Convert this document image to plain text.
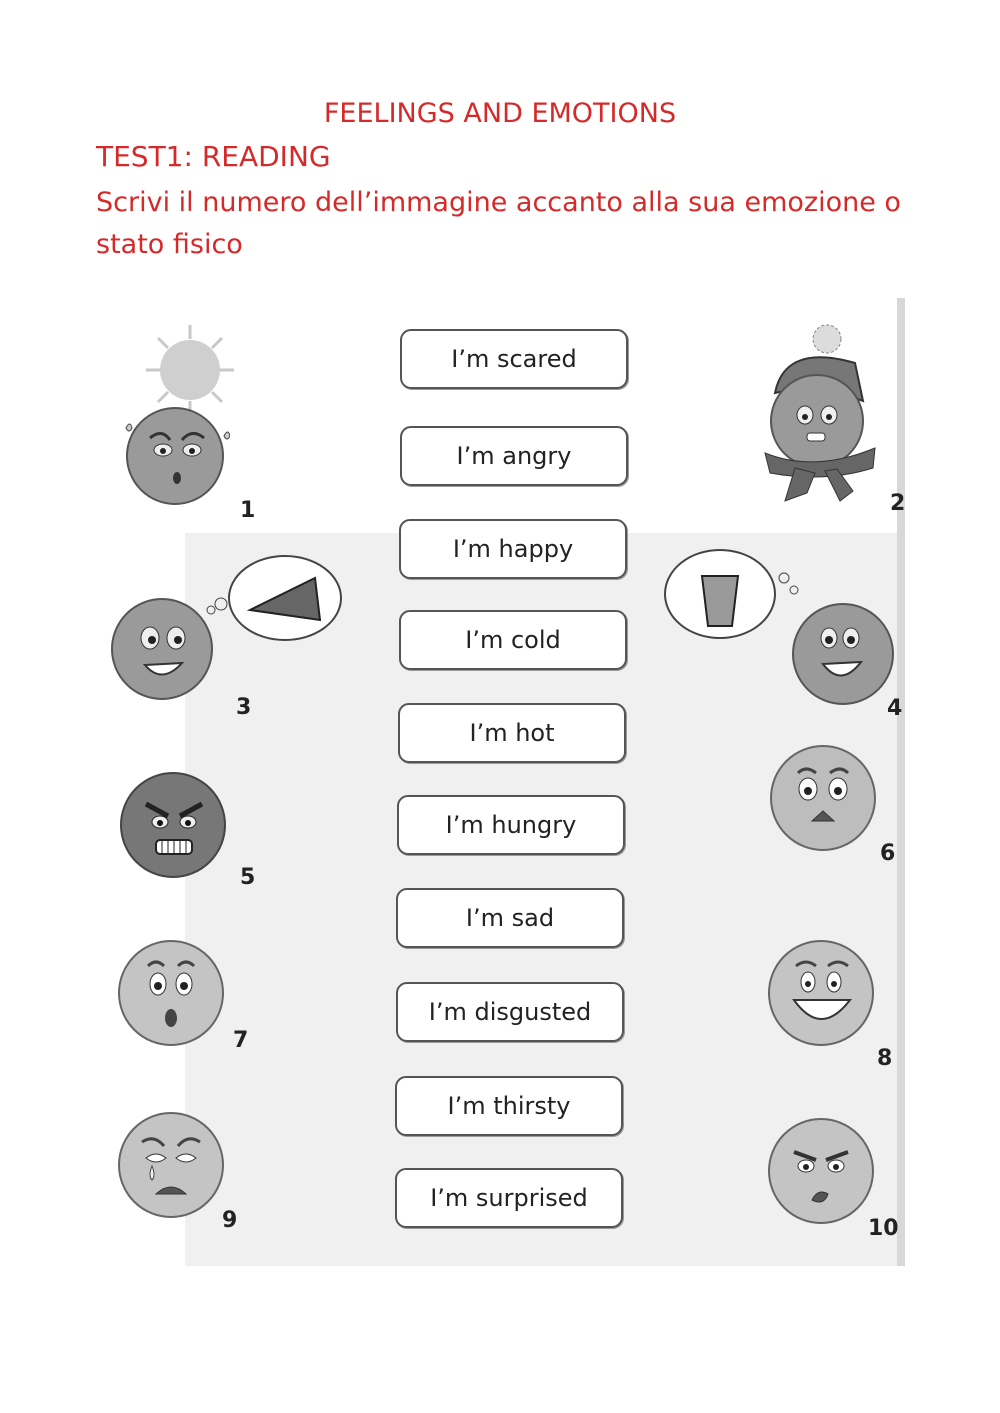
FEELINGS AND EMOTIONS
TEST1: READING
Scrivi il numero dell’immagine accanto alla sua emozione o stato fisico
I’m scared
I’m angry
I’m happy
I’m cold
I’m hot
I’m hungry
I’m sad
I’m disgusted
I’m thirsty
I’m surprised
1	2
3	4
5
6
7
8
9	10
